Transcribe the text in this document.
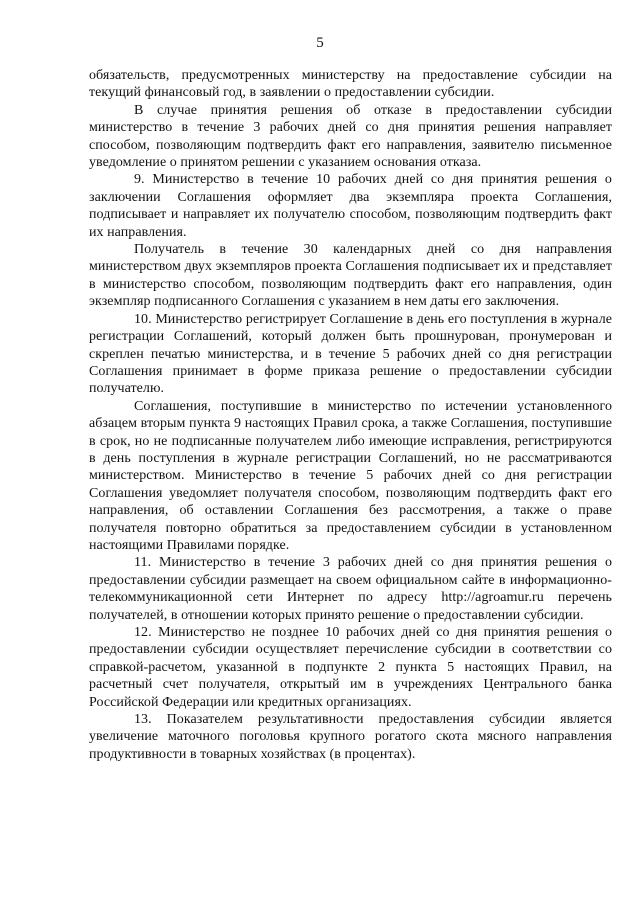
5

обязательств, предусмотренных министерству на предоставление субсидии на текущий финансовый год, в заявлении о предоставлении субсидии.

В случае принятия решения об отказе в предоставлении субсидии министерство в течение 3 рабочих дней со дня принятия решения направляет способом, позволяющим подтвердить факт его направления, заявителю письменное уведомление о принятом решении с указанием основания отказа.

9. Министерство в течение 10 рабочих дней со дня принятия решения о заключении Соглашения оформляет два экземпляра проекта Соглашения, подписывает и направляет их получателю способом, позволяющим подтвердить факт их направления.

Получатель в течение 30 календарных дней со дня направления министерством двух экземпляров проекта Соглашения подписывает их и представляет в министерство способом, позволяющим подтвердить факт его направления, один экземпляр подписанного Соглашения с указанием в нем даты его заключения.

10. Министерство регистрирует Соглашение в день его поступления в журнале регистрации Соглашений, который должен быть прошнурован, пронумерован и скреплен печатью министерства, и в течение 5 рабочих дней со дня регистрации Соглашения принимает в форме приказа решение о предоставлении субсидии получателю.

Соглашения, поступившие в министерство по истечении установленного абзацем вторым пункта 9 настоящих Правил срока, а также Соглашения, поступившие в срок, но не подписанные получателем либо имеющие исправления, регистрируются в день поступления в журнале регистрации Соглашений, но не рассматриваются министерством. Министерство в течение 5 рабочих дней со дня регистрации Соглашения уведомляет получателя способом, позволяющим подтвердить факт его направления, об оставлении Соглашения без рассмотрения, а также о праве получателя повторно обратиться за предоставлением субсидии в установленном настоящими Правилами порядке.

11. Министерство в течение 3 рабочих дней со дня принятия решения о предоставлении субсидии размещает на своем официальном сайте в информационно-телекоммуникационной сети Интернет по адресу http://agroamur.ru перечень получателей, в отношении которых принято решение о предоставлении субсидии.

12. Министерство не позднее 10 рабочих дней со дня принятия решения о предоставлении субсидии осуществляет перечисление субсидии в соответствии со справкой-расчетом, указанной в подпункте 2 пункта 5 настоящих Правил, на расчетный счет получателя, открытый им в учреждениях Центрального банка Российской Федерации или кредитных организациях.

13. Показателем результативности предоставления субсидии является увеличение маточного поголовья крупного рогатого скота мясного направления продуктивности в товарных хозяйствах (в процентах).
